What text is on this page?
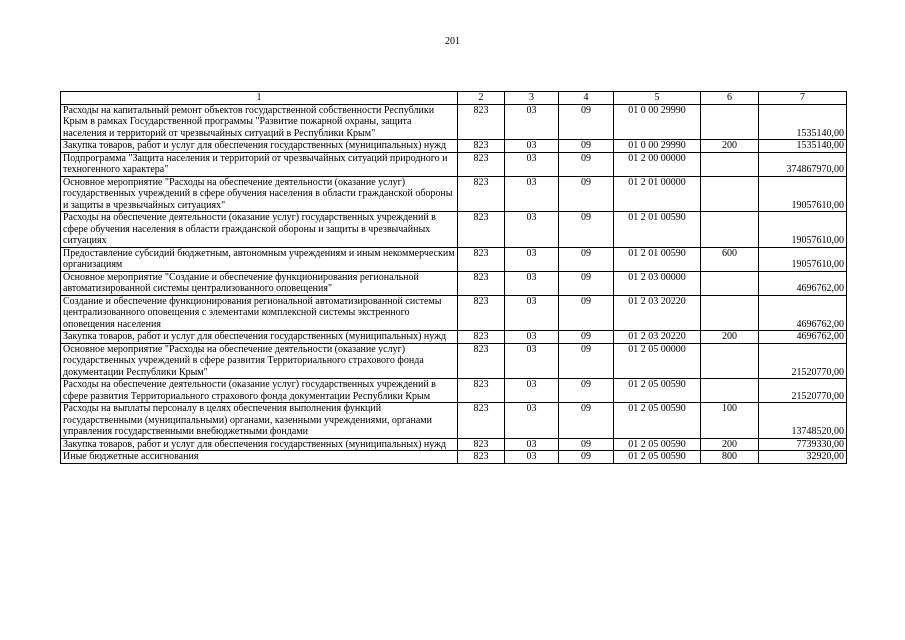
201
1	2	3	4	5	6	7
Расходы на капитальный ремонт объектов государственной собственности Республики Крым в рамках Государственной программы "Развитие пожарной охраны, защита населения и территорий от чрезвычайных ситуаций в Республики Крым"	823	03	09	01 0 00 29990		1535140,00
Закупка товаров, работ и услуг для обеспечения государственных (муниципальных) нужд	823	03	09	01 0 00 29990	200	1535140,00
Подпрограмма "Защита населения и территорий от чрезвычайных ситуаций природного и техногенного характера"	823	03	09	01 2 00 00000		374867970,00
Основное мероприятие "Расходы на обеспечение деятельности (оказание услуг) государственных учреждений в сфере обучения населения в области гражданской обороны и защиты в чрезвычайных ситуациях"	823	03	09	01 2 01 00000		19057610,00
Расходы на обеспечение деятельности (оказание услуг) государственных учреждений в сфере обучения населения в области гражданской обороны и защиты в чрезвычайных ситуациях	823	03	09	01 2 01 00590		19057610,00
Предоставление субсидий бюджетным, автономным учреждениям и иным некоммерческим организациям	823	03	09	01 2 01 00590	600	19057610,00
Основное мероприятие "Создание и обеспечение функционирования региональной автоматизированной системы централизованного оповещения"	823	03	09	01 2 03 00000		4696762,00
Создание и обеспечение функционирования региональной автоматизированной системы централизованного оповещения с элементами комплексной системы экстренного оповещения населения	823	03	09	01 2 03 20220		4696762,00
Закупка товаров, работ и услуг для обеспечения государственных (муниципальных) нужд	823	03	09	01 2 03 20220	200	4696762,00
Основное мероприятие "Расходы на обеспечение деятельности (оказание услуг) государственных учреждений в сфере развития Территориального страхового фонда документации Республики Крым"	823	03	09	01 2 05 00000		21520770,00
Расходы на обеспечение деятельности (оказание услуг) государственных учреждений в сфере развития Территориального страхового фонда документации Республики Крым	823	03	09	01 2 05 00590		21520770,00
Расходы на выплаты персоналу в целях обеспечения выполнения функций государственными (муниципальными) органами, казенными учреждениями, органами управления государственными внебюджетными фондами	823	03	09	01 2 05 00590	100	13748520,00
Закупка товаров, работ и услуг для обеспечения государственных (муниципальных) нужд	823	03	09	01 2 05 00590	200	7739330,00
Иные бюджетные ассигнования	823	03	09	01 2 05 00590	800	32920,00
